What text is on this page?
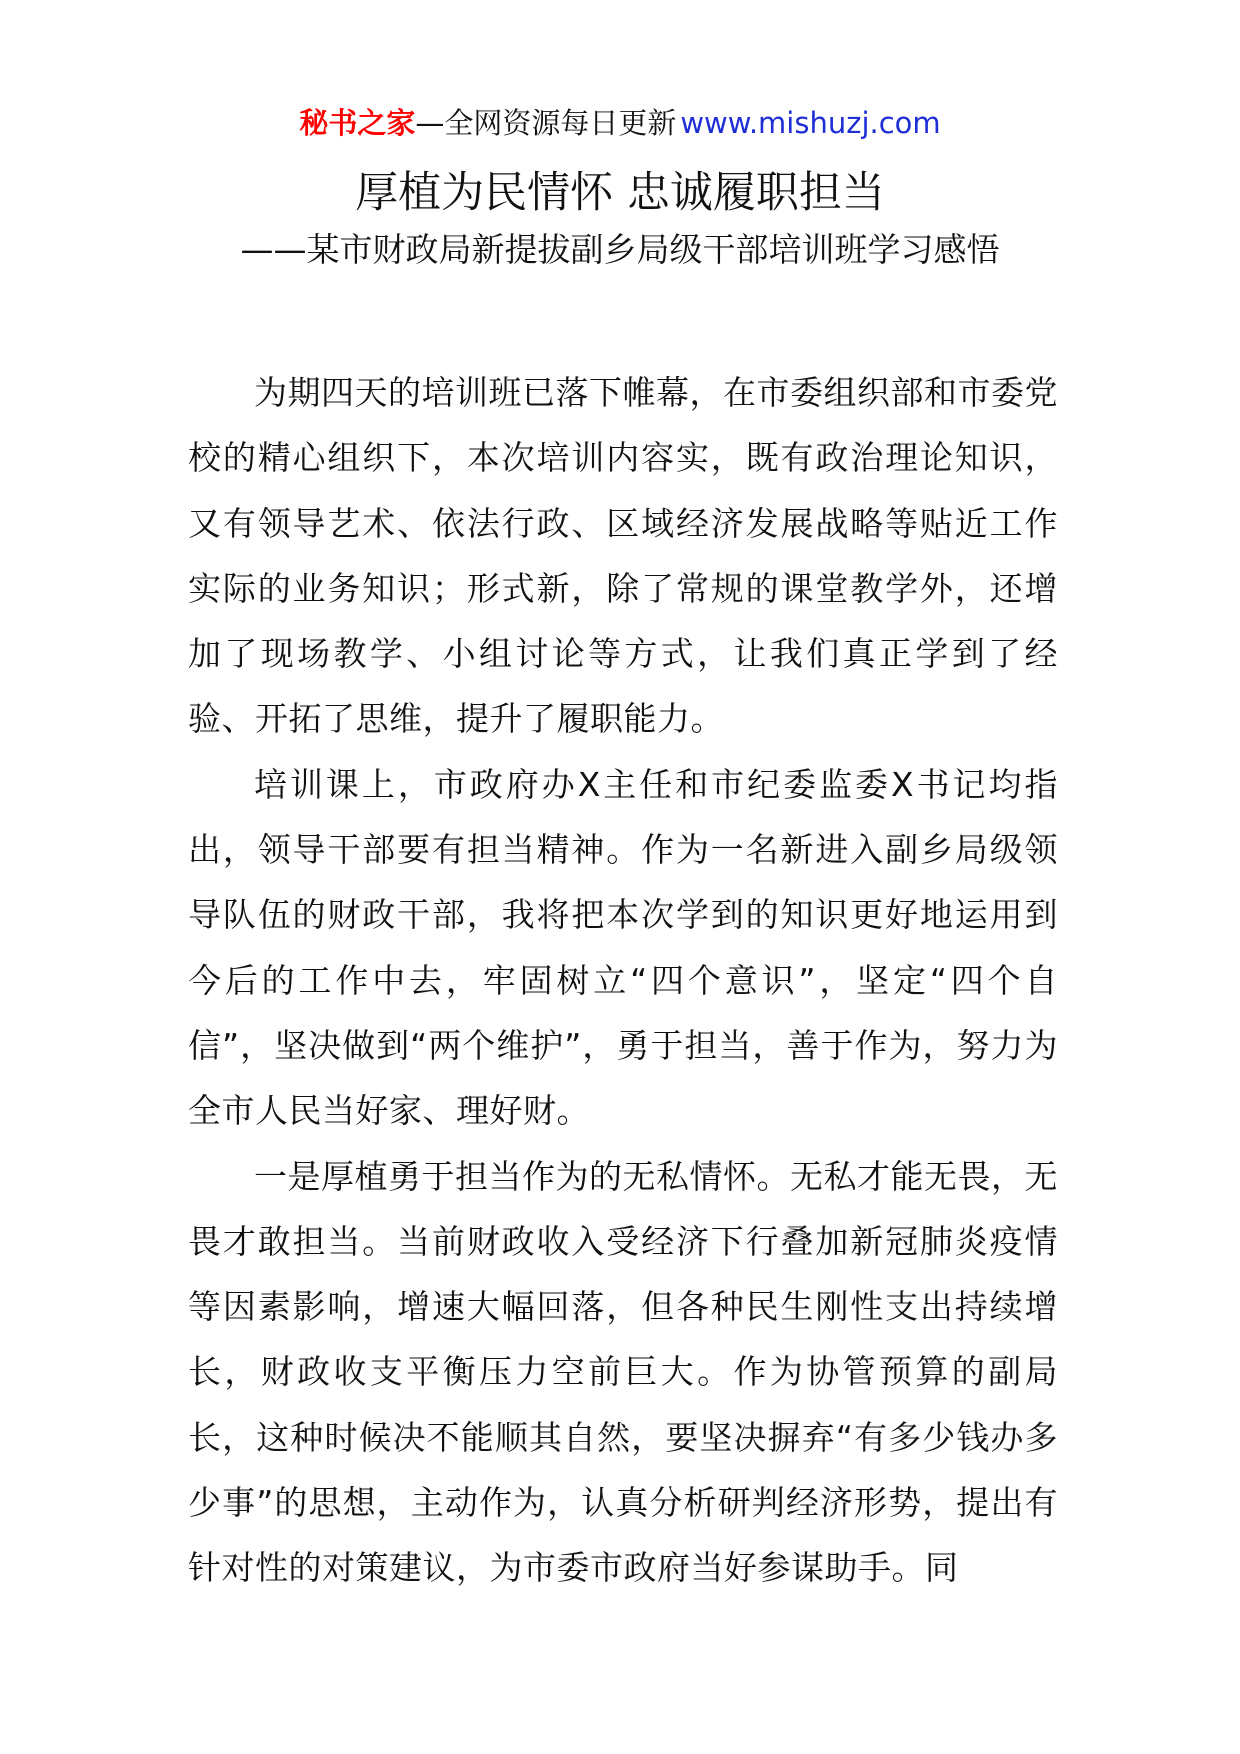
秘书之家—全网资源每日更新 www.mishuzj.com
厚植为民情怀 忠诚履职担当
——某市财政局新提拔副乡局级干部培训班学习感悟

为期四天的培训班已落下帷幕，在市委组织部和市委党校的精心组织下，本次培训内容实，既有政治理论知识，又有领导艺术、依法行政、区域经济发展战略等贴近工作实际的业务知识；形式新，除了常规的课堂教学外，还增加了现场教学、小组讨论等方式，让我们真正学到了经验、开拓了思维，提升了履职能力。

培训课上，市政府办X主任和市纪委监委X书记均指出，领导干部要有担当精神。作为一名新进入副乡局级领导队伍的财政干部，我将把本次学到的知识更好地运用到今后的工作中去，牢固树立“四个意识”，坚定“四个自信”，坚决做到“两个维护”，勇于担当，善于作为，努力为全市人民当好家、理好财。

一是厚植勇于担当作为的无私情怀。无私才能无畏，无畏才敢担当。当前财政收入受经济下行叠加新冠肺炎疫情等因素影响，增速大幅回落，但各种民生刚性支出持续增长，财政收支平衡压力空前巨大。作为协管预算的副局长，这种时候决不能顺其自然，要坚决摒弃“有多少钱办多少事”的思想，主动作为，认真分析研判经济形势，提出有针对性的对策建议，为市委市政府当好参谋助手。同
